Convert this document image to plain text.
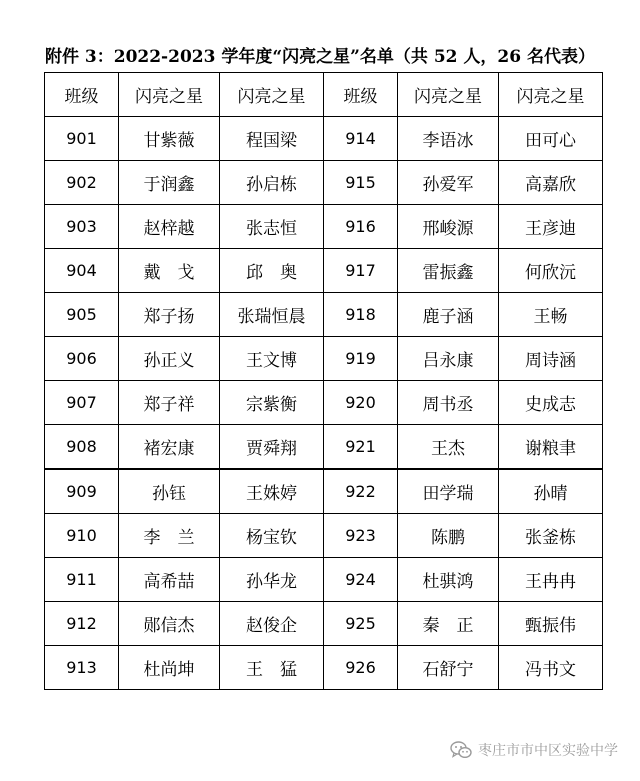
附件 3：2022-2023 学年度“闪亮之星”名单（共 52 人，26 名代表）
班级	闪亮之星	闪亮之星	班级	闪亮之星	闪亮之星
901	甘紫薇	程国梁	914	李语冰	田可心
902	于润鑫	孙启栋	915	孙爱军	高嘉欣
903	赵梓越	张志恒	916	邢峻源	王彦迪
904	戴　戈	邱　奥	917	雷振鑫	何欣沅
905	郑子扬	张瑞恒晨	918	鹿子涵	王畅
906	孙正义	王文博	919	吕永康	周诗涵
907	郑子祥	宗紫衡	920	周书丞	史成志
908	褚宏康	贾舜翔	921	王杰	谢粮聿
909	孙钰	王姝婷	922	田学瑞	孙晴
910	李　兰	杨宝钦	923	陈鹏	张釜栋
911	高希喆	孙华龙	924	杜骐鸿	王冉冉
912	郧信杰	赵俊企	925	秦　正	甄振伟
913	杜尚坤	王　猛	926	石舒宁	冯书文
枣庄市市中区实验中学
